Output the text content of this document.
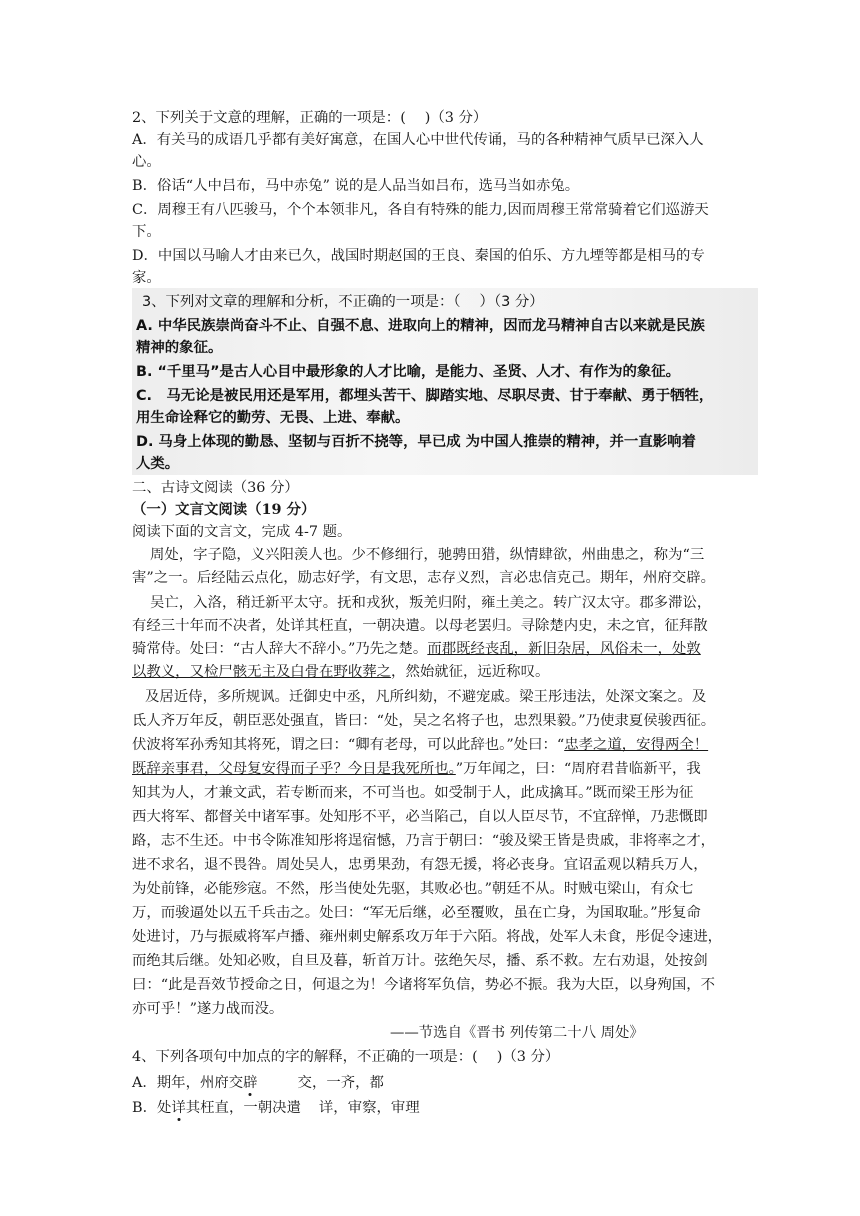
2、下列关于文意的理解，正确的一项是：(　 )（3 分）
A．有关马的成语几乎都有美好寓意，在国人心中世代传诵，马的各种精神气质早已深入人
心。
B．俗话“人中吕布，马中赤兔” 说的是人品当如吕布，选马当如赤兔。
C．周穆王有八匹骏马，个个本领非凡，各自有特殊的能力,因而周穆王常常骑着它们巡游天
下。
D．中国以马喻人才由来已久，战国时期赵国的王良、秦国的伯乐、方九堙等都是相马的专
家。
3、下列对文章的理解和分析，不正确的一项是：（　 ）（3 分）
A. 中华民族崇尚奋斗不止、自强不息、进取向上的精神，因而龙马精神自古以来就是民族
精神的象征。
B. “千里马”是古人心目中最形象的人才比喻，是能力、圣贤、人才、有作为的象征。
C.　马无论是被民用还是军用，都埋头苦干、脚踏实地、尽职尽责、甘于奉献、勇于牺牲，
用生命诠释它的勤劳、无畏、上进、奉献。
D. 马身上体现的勤恳、坚韧与百折不挠等，早已成 为中国人推崇的精神，并一直影响着
人类。
二、古诗文阅读（36 分）
（一）文言文阅读（19 分）
阅读下面的文言文，完成 4-7 题。
周处，字子隐，义兴阳羡人也。少不修细行，驰骋田猎，纵情肆欲，州曲患之，称为“三
害”之一。后经陆云点化，励志好学，有文思，志存义烈，言必忠信克己。期年，州府交辟。
吴亡，入洛，稍迁新平太守。抚和戎狄，叛羌归附，雍土美之。转广汉太守。郡多滞讼，
有经三十年而不决者，处详其枉直，一朝决遣。以母老罢归。寻除楚内史，未之官，征拜散
骑常侍。处曰：“古人辞大不辞小。”乃先之楚。而郡既经丧乱，新旧杂居，风俗未一，处敦
以教义，又检尸骸无主及白骨在野收葬之，然始就征，远近称叹。
及居近侍，多所规讽。迁御史中丞，凡所纠劾，不避宠戚。梁王彤违法，处深文案之。及
氐人齐万年反，朝臣恶处强直，皆曰：“处，吴之名将子也，忠烈果毅。”乃使隶夏侯骏西征。
伏波将军孙秀知其将死，谓之曰：“卿有老母，可以此辞也。”处曰：“忠孝之道，安得两全！
既辞亲事君，父母复安得而子乎？今日是我死所也。”万年闻之，曰：“周府君昔临新平，我
知其为人，才兼文武，若专断而来，不可当也。如受制于人，此成擒耳。”既而梁王彤为征
西大将军、都督关中诸军事。处知彤不平，必当陷己，自以人臣尽节，不宜辞惮，乃悲慨即
路，志不生还。中书令陈准知彤将逞宿憾，乃言于朝曰：“骏及梁王皆是贵戚，非将率之才，
进不求名，退不畏咎。周处吴人，忠勇果劲，有怨无援，将必丧身。宜诏孟观以精兵万人，
为处前锋，必能殄寇。不然，彤当使处先驱，其败必也。”朝廷不从。时贼屯梁山，有众七
万，而骏逼处以五千兵击之。处曰：“军无后继，必至覆败，虽在亡身，为国取耻。”彤复命
处进讨，乃与振威将军卢播、雍州刺史解系攻万年于六陌。将战，处军人未食，彤促令速进，
而绝其后继。处知必败，自旦及暮，斩首万计。弦绝矢尽，播、系不救。左右劝退，处按剑
曰：“此是吾效节授命之日，何退之为！今诸将军负信，势必不振。我为大臣，以身殉国，不
亦可乎！”遂力战而没。
——节选自《晋书 列传第二十八 周处》
4、下列各项句中加点的字的解释，不正确的一项是：(　 )（3 分）
A．期年，州府交辟	交，一齐，都
B．处详其枉直，一朝决遣 详，审察，审理
